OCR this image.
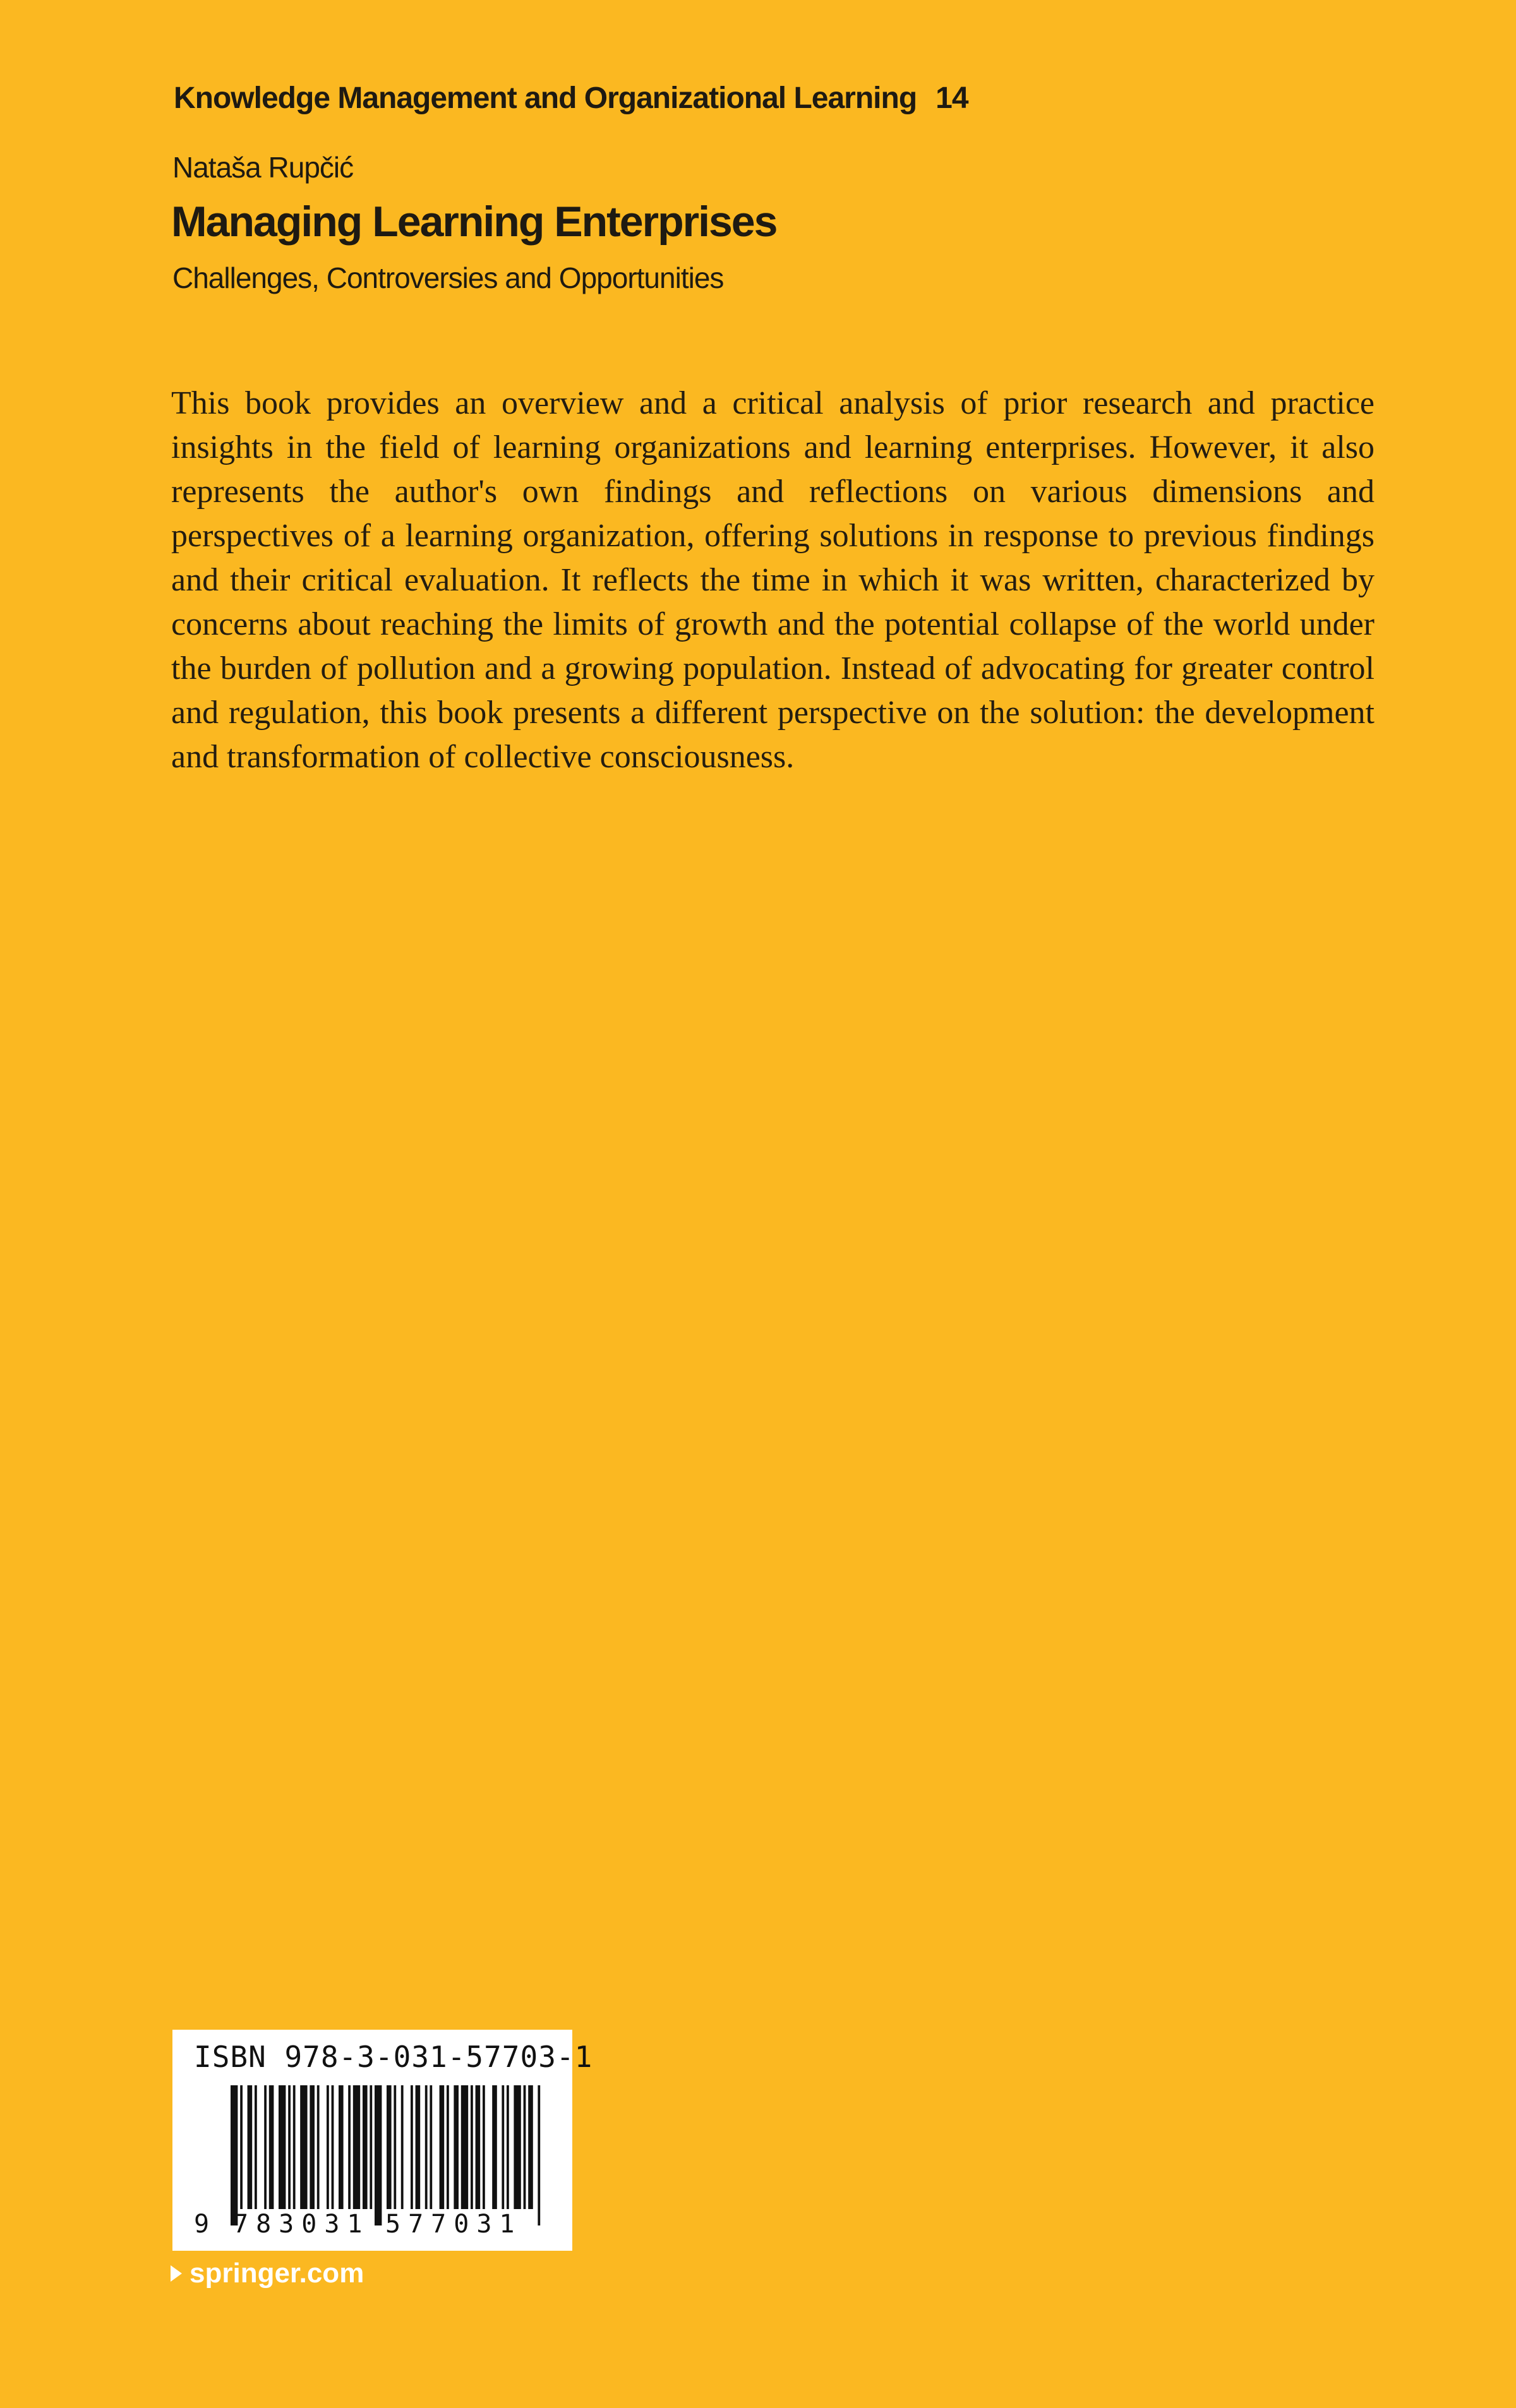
Knowledge Management and Organizational Learning 14
Nataša Rupčić
Managing Learning Enterprises
Challenges, Controversies and Opportunities

This book provides an overview and a critical analysis of prior research and practice insights in the field of learning organizations and learning enterprises. However, it also represents the author's own findings and reflections on various dimensions and perspectives of a learning organization, offering solutions in response to previous findings and their critical evaluation. It reflects the time in which it was written, characterized by concerns about reaching the limits of growth and the potential collapse of the world under the burden of pollution and a growing population. Instead of advocating for greater control and regulation, this book presents a different perspective on the solution: the development and transformation of collective consciousness.

ISBN 978-3-031-57703-1
9 783031 577031
springer.com
